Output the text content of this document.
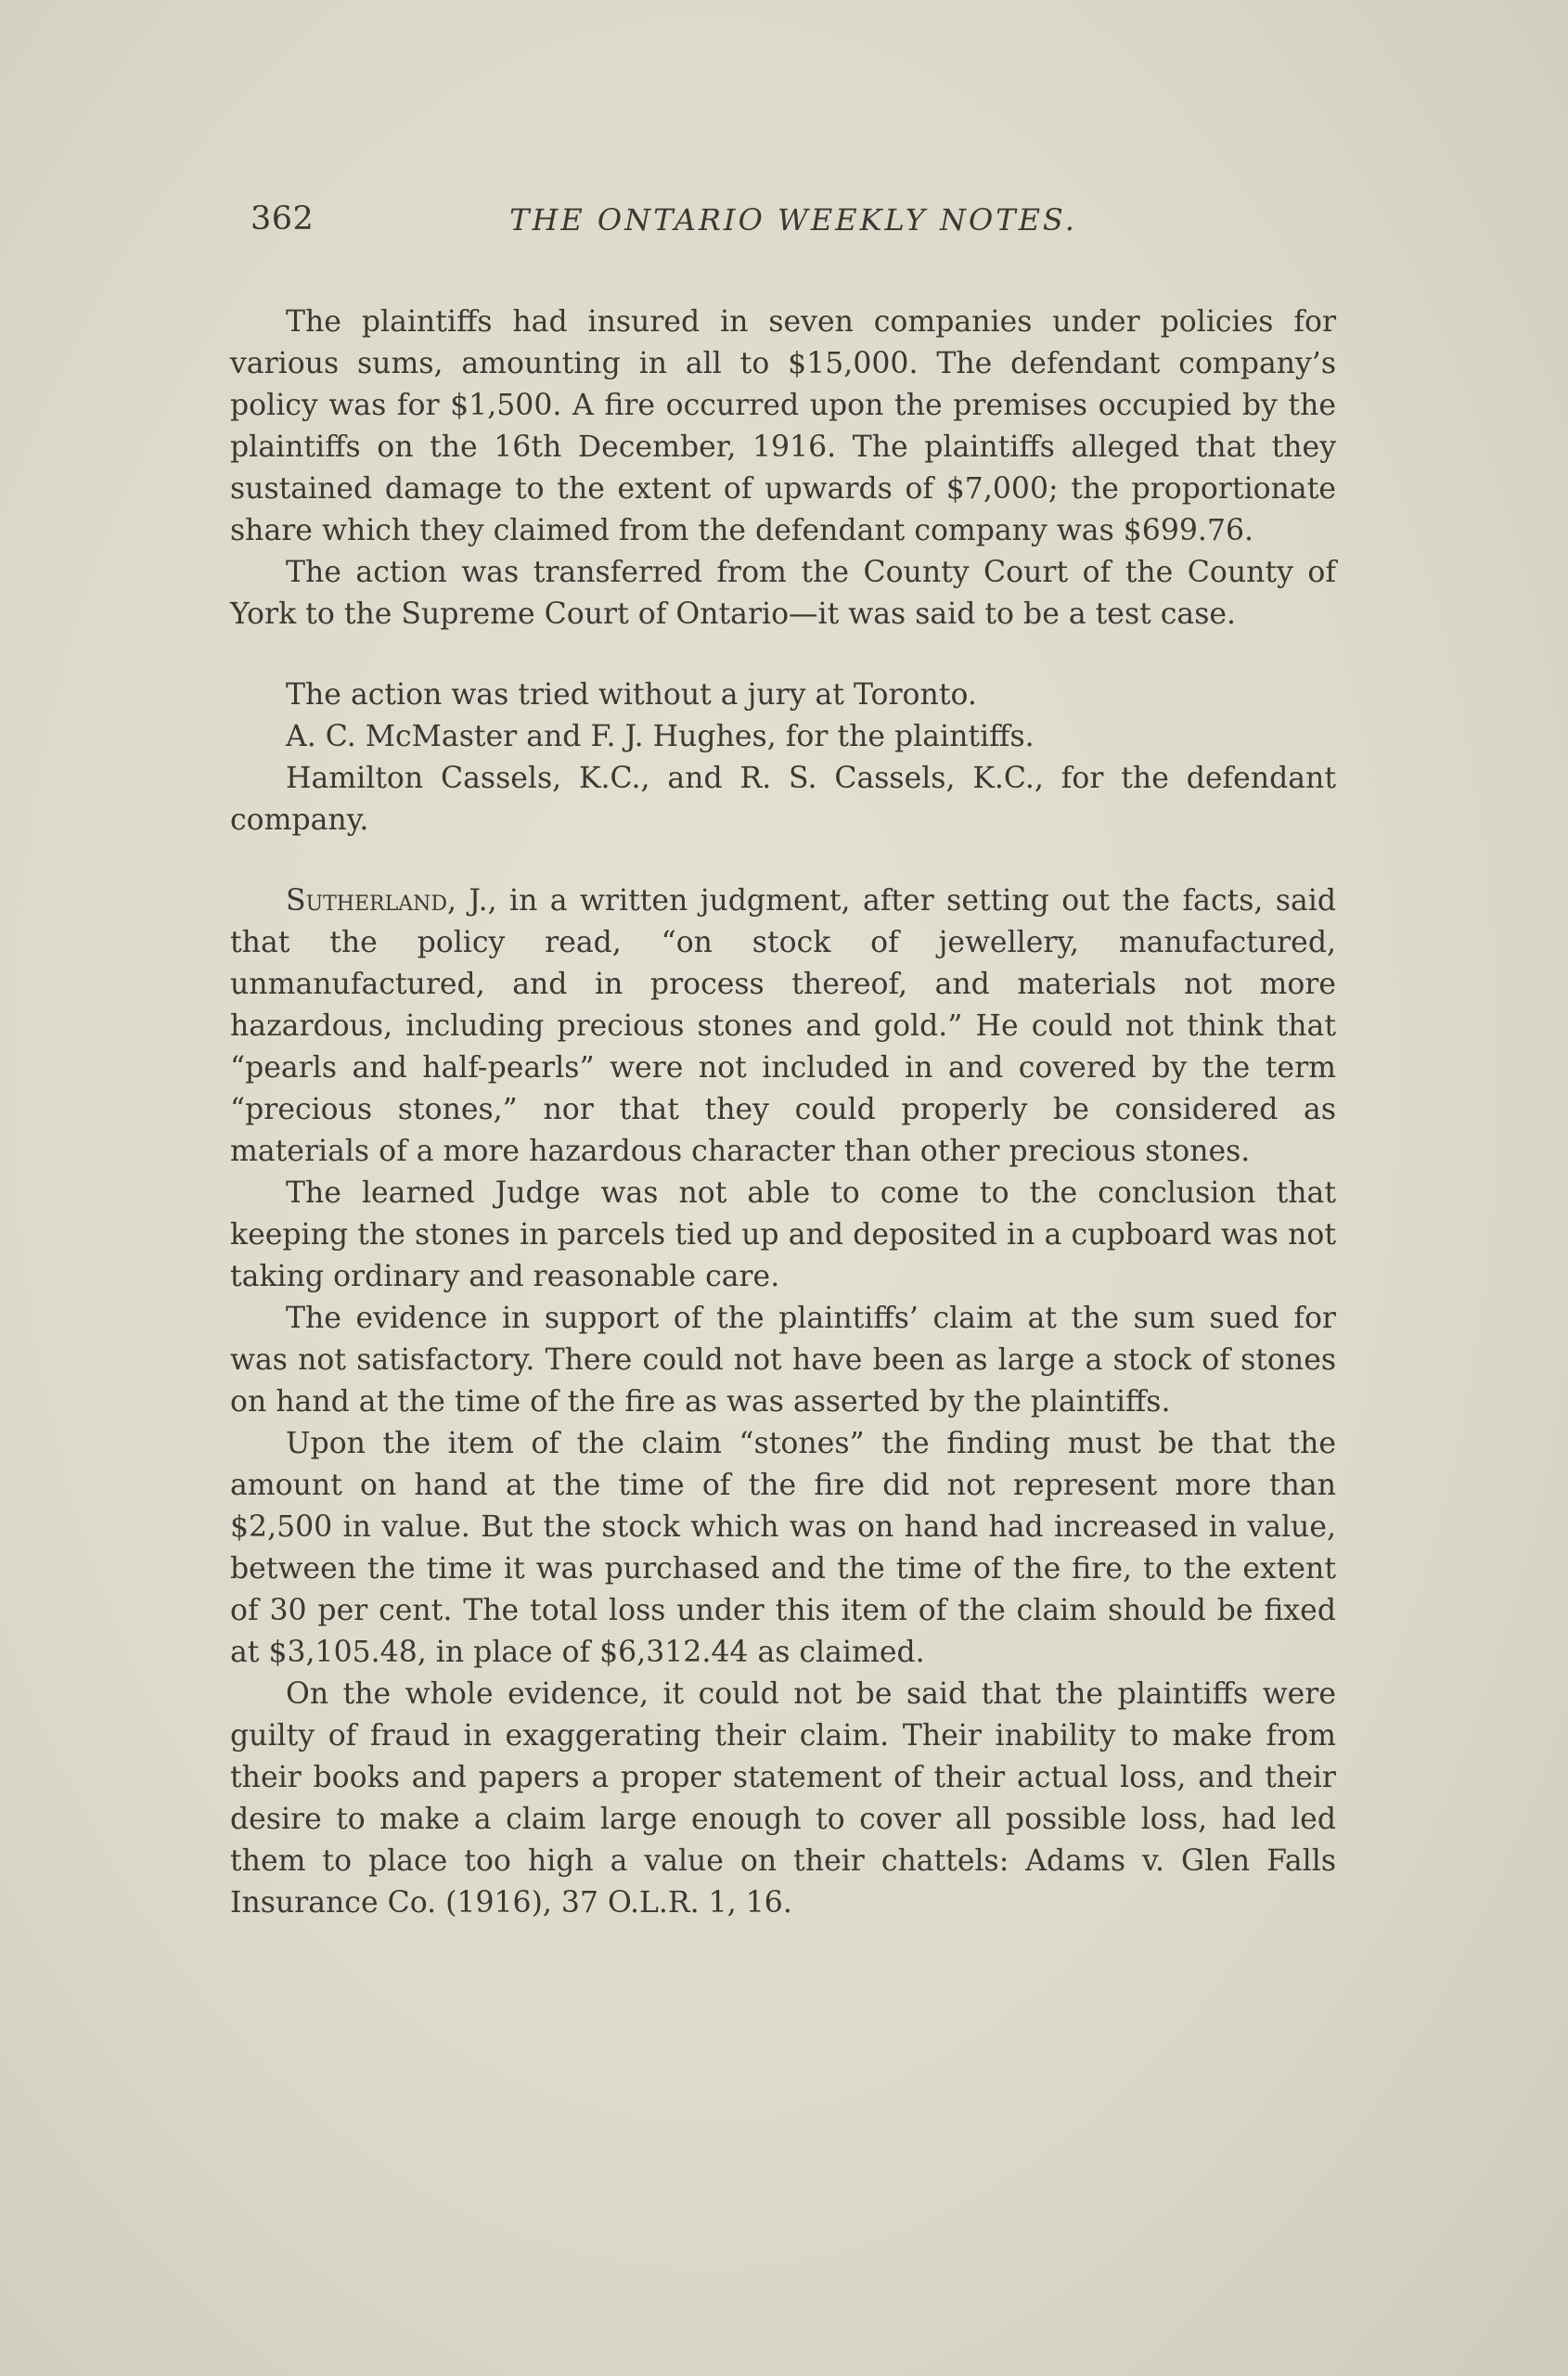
362	THE ONTARIO WEEKLY NOTES.

The plaintiffs had insured in seven companies under policies for various sums, amounting in all to $15,000. The defendant company’s policy was for $1,500. A fire occurred upon the premises occupied by the plaintiffs on the 16th December, 1916. The plaintiffs alleged that they sustained damage to the extent of upwards of $7,000; the proportionate share which they claimed from the defendant company was $699.76.

The action was transferred from the County Court of the County of York to the Supreme Court of Ontario—it was said to be a test case.

The action was tried without a jury at Toronto.

A. C. McMaster and F. J. Hughes, for the plaintiffs.

Hamilton Cassels, K.C., and R. S. Cassels, K.C., for the defendant company.

Sutherland, J., in a written judgment, after setting out the facts, said that the policy read, “on stock of jewellery, manufactured, unmanufactured, and in process thereof, and materials not more hazardous, including precious stones and gold.” He could not think that “pearls and half-pearls” were not included in and covered by the term “precious stones,” nor that they could properly be considered as materials of a more hazardous character than other precious stones.

The learned Judge was not able to come to the conclusion that keeping the stones in parcels tied up and deposited in a cupboard was not taking ordinary and reasonable care.

The evidence in support of the plaintiffs’ claim at the sum sued for was not satisfactory. There could not have been as large a stock of stones on hand at the time of the fire as was asserted by the plaintiffs.

Upon the item of the claim “stones” the finding must be that the amount on hand at the time of the fire did not represent more than $2,500 in value. But the stock which was on hand had increased in value, between the time it was purchased and the time of the fire, to the extent of 30 per cent. The total loss under this item of the claim should be fixed at $3,105.48, in place of $6,312.44 as claimed.

On the whole evidence, it could not be said that the plaintiffs were guilty of fraud in exaggerating their claim. Their inability to make from their books and papers a proper statement of their actual loss, and their desire to make a claim large enough to cover all possible loss, had led them to place too high a value on their chattels: Adams v. Glen Falls Insurance Co. (1916), 37 O.L.R. 1, 16.
